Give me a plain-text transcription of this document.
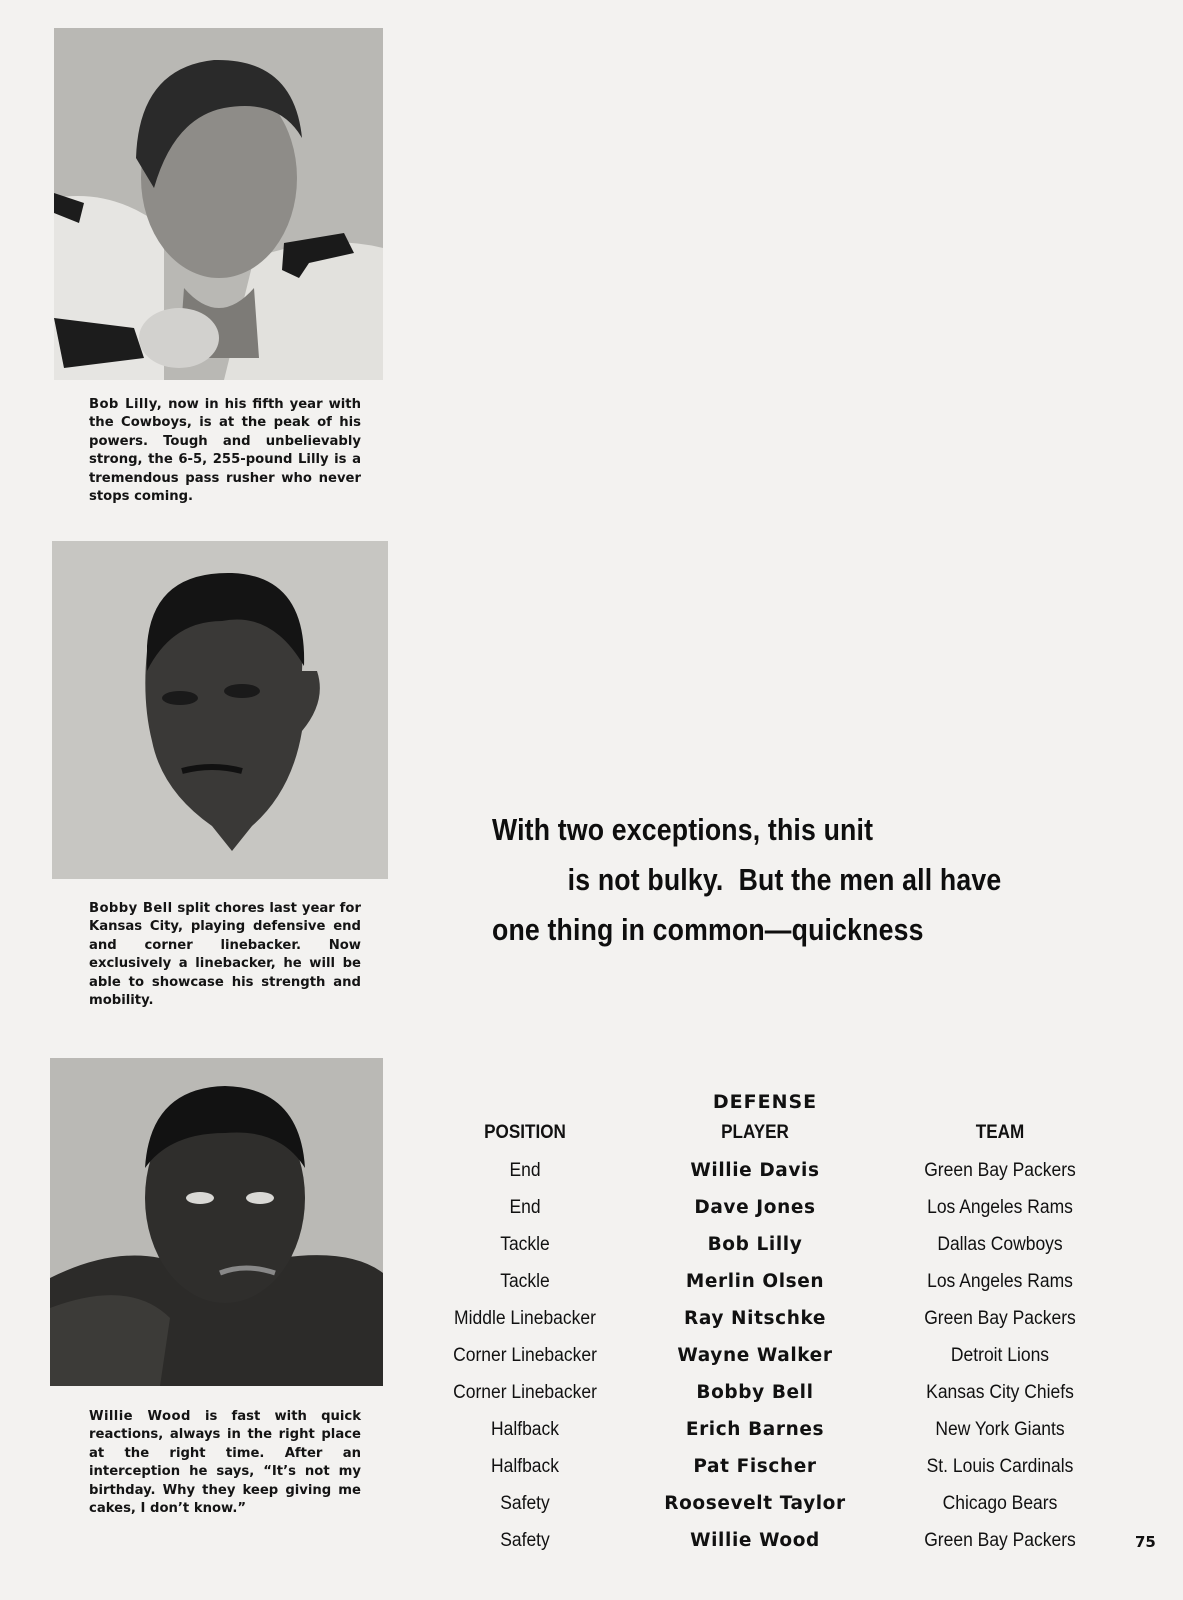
Bob Lilly, now in his fifth year with the Cowboys, is at the peak of his powers. Tough and unbelievably strong, the 6-5, 255-pound Lilly is a tremendous pass rusher who never stops coming.

Bobby Bell split chores last year for Kansas City, playing defensive end and corner linebacker. Now exclusively a linebacker, he will be able to showcase his strength and mobility.

Willie Wood is fast with quick reactions, always in the right place at the right time. After an interception he says, “It’s not my birthday. Why they keep giving me cakes, I don’t know.”

With two exceptions, this unit
is not bulky.  But the men all have
one thing in common—quickness
DEFENSE
POSITION	PLAYER	TEAM
End	Willie Davis	Green Bay Packers
End	Dave Jones	Los Angeles Rams
Tackle	Bob Lilly	Dallas Cowboys
Tackle	Merlin Olsen	Los Angeles Rams
Middle Linebacker	Ray Nitschke	Green Bay Packers
Corner Linebacker	Wayne Walker	Detroit Lions
Corner Linebacker	Bobby Bell	Kansas City Chiefs
Halfback	Erich Barnes	New York Giants
Halfback	Pat Fischer	St. Louis Cardinals
Safety	Roosevelt Taylor	Chicago Bears
Safety	Willie Wood	Green Bay Packers	75
